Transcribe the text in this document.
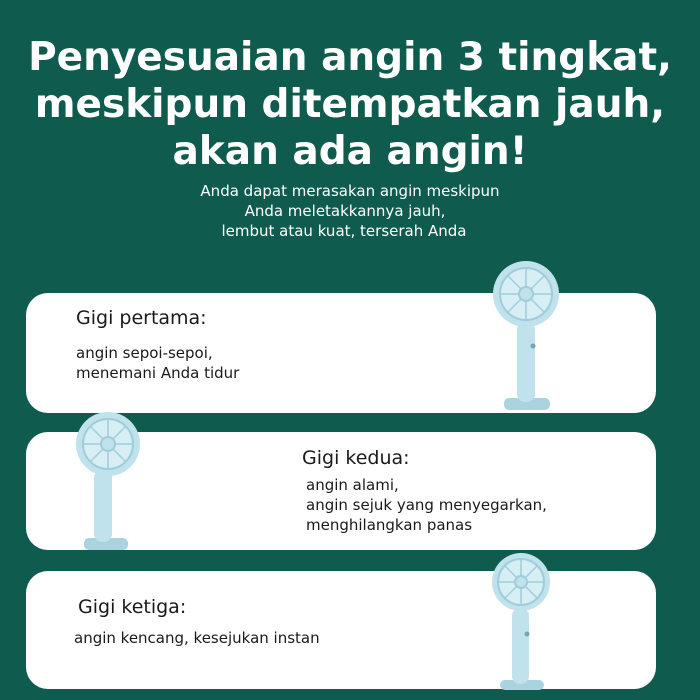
Penyesuaian angin 3 tingkat,
meskipun ditempatkan jauh,
akan ada angin!
Anda dapat merasakan angin meskipun
Anda meletakkannya jauh,
lembut atau kuat, terserah Anda
Gigi pertama:
angin sepoi-sepoi,
menemani Anda tidur
Gigi kedua:
angin alami,
angin sejuk yang menyegarkan,
menghilangkan panas
Gigi ketiga:
angin kencang, kesejukan instan
